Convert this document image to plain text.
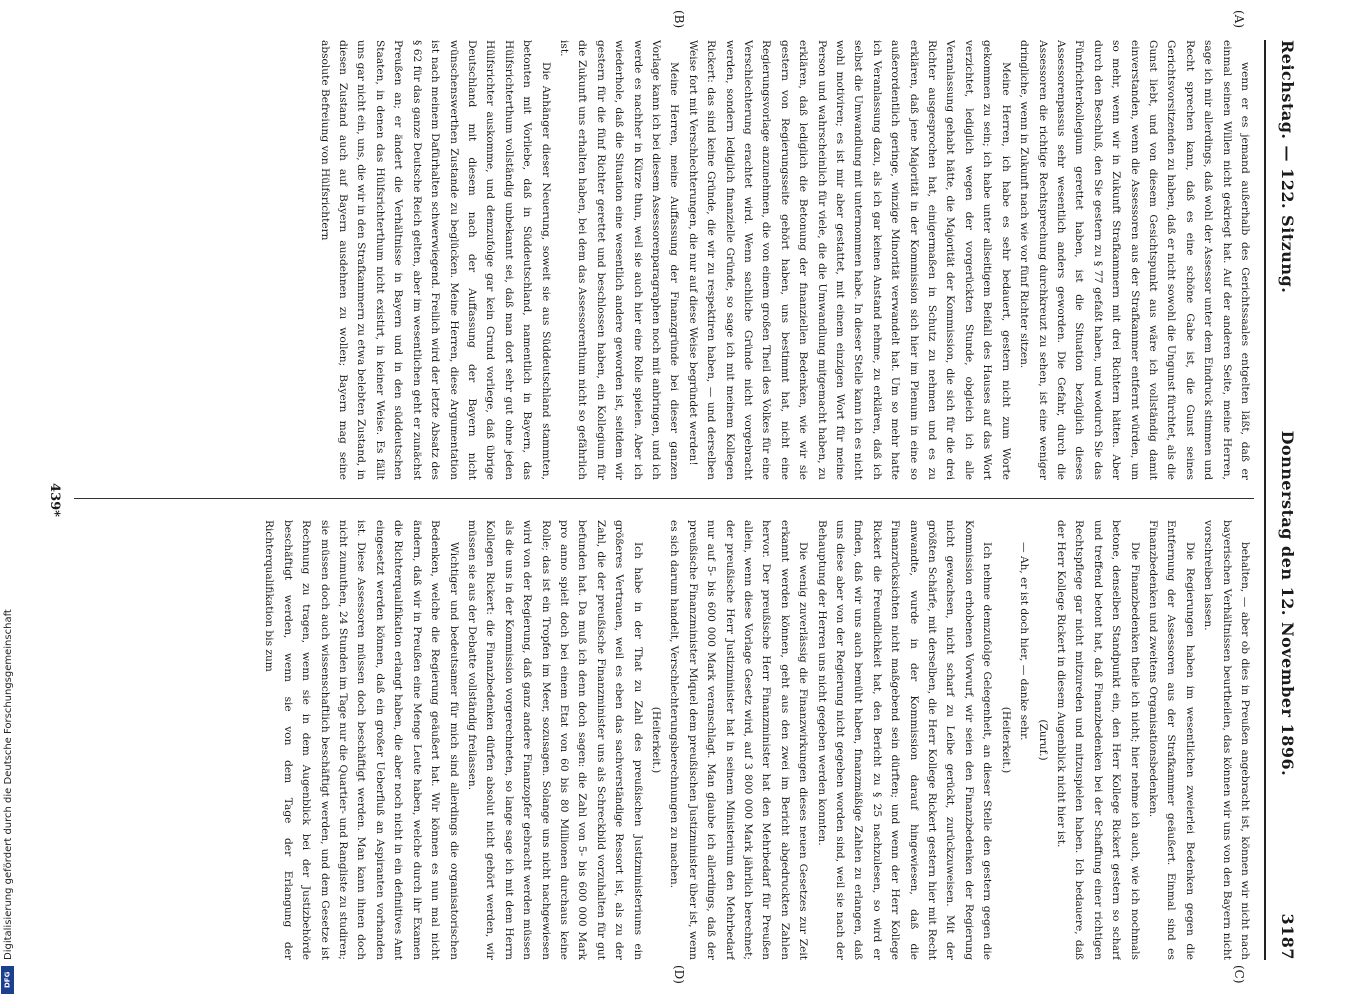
Reichstag. — 122. Sitzung.
Donnerstag den 12. November 1896.
3187
(A)
(B)
(C)
(D)

wenn er es jemand außerhalb des Gerichtssaales entgelten läßt, daß er einmal seinen Willen nicht gekriegt hat. Auf der anderen Seite, meine Herren, sage ich mir allerdings, daß wohl der Assessor unter dem Eindruck stimmen und Recht sprechen kann, daß es eine schöne Gabe ist, die Gunst seines Gerichtsvorsitzenden zu haben, daß er nicht sowohl die Ungunst fürchtet, als die Gunst liebt, und von diesem Gesichtspunkt aus wäre ich vollständig damit einverstanden, wenn die Assessoren aus der Strafkammer entfernt würden, um so mehr, wenn wir in Zukunft Strafkammern mit drei Richtern hätten. Aber durch den Beschluß, den Sie gestern zu § 77 gefaßt haben, und wodurch Sie das Fünfrichterkollegium gerettet haben, ist die Situation bezüglich dieses Assessorenpassus sehr wesentlich anders geworden. Die Gefahr, durch die Assessoren die richtige Rechtsprechung durchkreuzt zu sehen, ist eine weniger dringliche, wenn in Zukunft nach wie vor fünf Richter sitzen.

Meine Herren, ich habe es sehr bedauert, gestern nicht zum Worte gekommen zu sein; ich habe unter allseitigem Beifall des Hauses auf das Wort verzichtet, lediglich wegen der vorgerückten Stunde, obgleich ich alle Veranlassung gehabt hätte, die Majorität der Kommission, die sich für die drei Richter ausgesprochen hat, einigermaßen in Schutz zu nehmen und es zu erklären, daß jene Majorität in der Kommission sich hier im Plenum in eine so außerordentlich geringe, winzige Minorität verwandelt hat. Um so mehr hatte ich Veranlassung dazu, als ich gar keinen Anstand nehme, zu erklären, daß ich selbst die Umwandlung mit unternommen habe. In dieser Stelle kann ich es nicht wohl motiviren; es ist mir aber gestattet, mit einem einzigen Wort für meine Person und wahrscheinlich für viele, die die Umwandlung mitgemacht haben, zu erklären, daß lediglich die Betonung der finanziellen Bedenken, wie wir sie gestern von Regierungsseite gehört haben, uns bestimmt hat, nicht eine Regierungsvorlage anzunehmen, die von einem großen Theil des Volkes für eine Verschlechterung erachtet wird. Wenn sachliche Gründe nicht vorgebracht werden, sondern lediglich finanzielle Gründe, so sage ich mit meinem Kollegen Rickert: das sind keine Gründe, die wir zu respektiren haben, — und derselben Weise fort mit Verschlechterungen, die nur auf diese Weise begründet werden!

Meine Herren, meine Auffassung der Finanzgründe bei dieser ganzen Vorlage kann ich bei diesem Assessorenparagraphen noch mit anbringen, und ich werde es nachher in Kürze thun, weil sie auch hier eine Rolle spielen. Aber ich wiederhole, daß die Situation eine wesentlich andere geworden ist, seitdem wir gestern für die fünf Richter gerettet und beschlossen haben, ein Kollegium für die Zukunft uns erhalten haben, bei dem das Assessorenthum nicht so gefährlich ist.

Die Anhänger dieser Neuerung, soweit sie aus Süddeutschland stammten, betonten mit Vorliebe, daß in Süddeutschland, namentlich in Bayern, das Hülfsrichterthum vollständig unbekannt sei, daß man dort sehr gut ohne jeden Hülfsrichter auskomme, und demzufolge gar kein Grund vorliege, daß übrige Deutschland mit diesem nach der Auffassung der Bayern nicht wünschenswerthen Zustande zu beglücken. Meine Herren, diese Argumentation ist nach meinem Dafürhalten schwerwiegend. Freilich wird der letzte Absatz des § 62 für das ganze Deutsche Reich gelten, aber im wesentlichen geht er zunächst Preußen an; er ändert die Verhältnisse in Bayern und in den süddeutschen Staaten, in denen das Hülfsrichterthum nicht existirt, in keiner Weise. Es fällt uns gar nicht ein, uns, die wir in den Strafkammern zu etwa belebten Zustand, in diesen Zustand auch auf Bayern ausdehnen zu wollen; Bayern mag seine absolute Befreiung von Hülfsrichtern

behalten, — aber ob dies in Preußen angebracht ist, können wir nicht nach bayerischen Verhältnissen beurtheilen, das können wir uns von den Bayern nicht vorschreiben lassen.

Die Regierungen haben im wesentlichen zweierlei Bedenken gegen die Entfernung der Assessoren aus der Strafkammer geäußert. Einmal sind es Finanzbedenken und zweitens Organisationsbedenken.

Die Finanzbedenken theile ich nicht; hier nehme ich auch, wie ich nochmals betone, denselben Standpunkt ein, den Herr Kollege Rickert gestern so scharf und treffend betont hat, daß Finanzbedenken bei der Schaffung einer richtigen Rechtspflege gar nicht mitzureden und mitzuspielen haben. Ich bedauere, daß der Herr Kollege Rickert in diesem Augenblick nicht hier ist.

(Zuruf.)

— Ah, er ist doch hier, — danke sehr.

(Heiterkeit.)

Ich nehme demzufolge Gelegenheit, an dieser Stelle den gestern gegen die Kommission erhobenen Vorwurf, wir seien den Finanzbedenken der Regierung nicht gewachsen, nicht scharf zu Leibe gerückt, zurückzuweisen. Mit der größten Schärfe, mit derselben, die Herr Kollege Rickert gestern hier mit Recht anwandte, wurde in der Kommission darauf hingewiesen, daß die Finanzrücksichten nicht maßgebend sein dürften; und wenn der Herr Kollege Rickert die Freundlichkeit hat, den Bericht zu § 25 nachzulesen, so wird er finden, daß wir uns auch bemüht haben, finanzmäßige Zahlen zu erlangen, daß uns diese aber von der Regierung nicht gegeben worden sind, weil sie nach der Behauptung der Herren uns nicht gegeben werden konnten.

Die wenig zuverlässig die Finanzwirkungen dieses neuen Gesetzes zur Zeit erkannt werden können, geht aus den zwei im Bericht abgedruckten Zahlen hervor. Der preußische Herr Finanzminister hat den Mehrbedarf für Preußen allein, wenn diese Vorlage Gesetz wird, auf 3 800 000 Mark jährlich berechnet; der preußische Herr Justizminister hat in seinem Ministerium den Mehrbedarf nur auf 5- bis 600 000 Mark veranschlagt. Man glaube ich allerdings, daß der preußische Finanzminister Miquel dem preußischen Justizminister über ist, wenn es sich darum handelt, Verschlechterungsberechnungen zu machen.

(Heiterkeit.)

Ich habe in der That zu Zahl des preußischen Justizministeriums ein größeres Vertrauen, weil es eben das sachverständige Ressort ist, als zu der Zahl, die der preußische Finanzminister uns als Schreckbild vorzuhalten für gut befunden hat. Da muß ich denn doch sagen: die Zahl von 5- bis 600 000 Mark pro anno spielt doch bei einem Etat von 60 bis 80 Millionen durchaus keine Rolle; das ist ein Tropfen im Meer, sozusagen. Solange uns nicht nachgewiesen wird von der Regierung, daß ganz andere Finanzopfer gebracht werden müssen als die uns in der Kommission vorgerechneten, so lange sage ich mit dem Herrn Kollegen Rickert: die Finanzbedenken dürfen absolut nicht gehört werden, wir müssen sie aus der Debatte vollständig freilassen.

Wichtiger und bedeutsamer für mich sind allerdings die organisatorischen Bedenken, welche die Regierung geäußert hat. Wir können es nun mal nicht ändern, daß wir in Preußen eine Menge Leute haben, welche durch ihr Examen die Richterqualifikation erlangt haben, die aber noch nicht in ein definitives Amt eingesetzt werden können, daß ein großer Ueberfluß an Aspiranten vorhanden ist. Diese Assessoren müssen doch beschäftigt werden. Man kann ihnen doch nicht zumuthen, 24 Stunden im Tage nur die Quartier- und Rangliste zu studiren; sie müssen doch auch wissenschaftlich beschäftigt werden, und dem Gesetze ist Rechnung zu tragen, wenn sie in dem Augenblick bei der Justizbehörde beschäftigt werden, wenn sie von dem Tage der Erlangung der Richterqualifikation bis zum

439*
Digitalisierung gefördert durch die Deutsche Forschungsgemeinschaft
DFG
